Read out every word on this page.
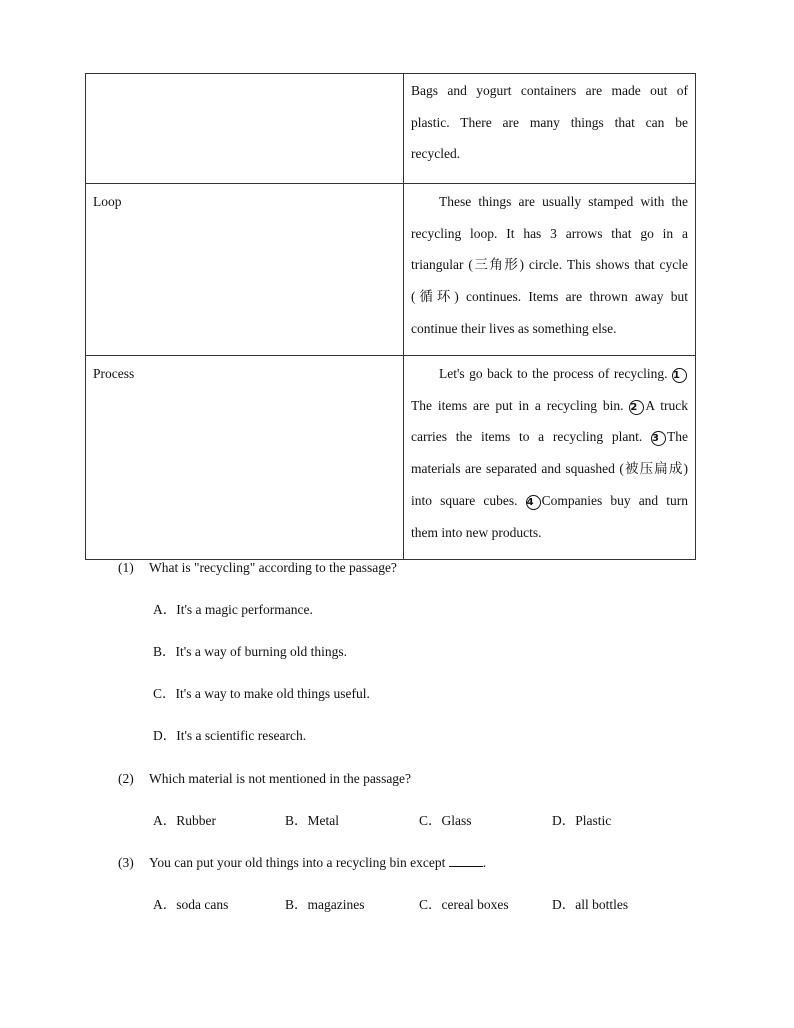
	Bags and yogurt containers are made out of plastic. There are many things that can be recycled.
Loop	These things are usually stamped with the recycling loop. It has 3 arrows that go in a triangular (三角形) circle. This shows that cycle (循环) continues. Items are thrown away but continue their lives as something else.
Process	Let's go back to the process of recycling. 1The items are put in a recycling bin. 2 A truck carries the items to a recycling plant. 3 The materials are separated and squashed (被压扁成) into square cubes. 4 Companies buy and turn them into new products.
(1) What is "recycling" according to the passage?
A．It's a magic performance.
B．It's a way of burning old things.
C．It's a way to make old things useful.
D．It's a scientific research.
(2) Which material is not mentioned in the passage?
A．Rubber	B．Metal	C．Glass	D．Plastic
(3) You can put your old things into a recycling bin except	.
A．soda cans	B．magazines	C．cereal boxes	D．all bottles
